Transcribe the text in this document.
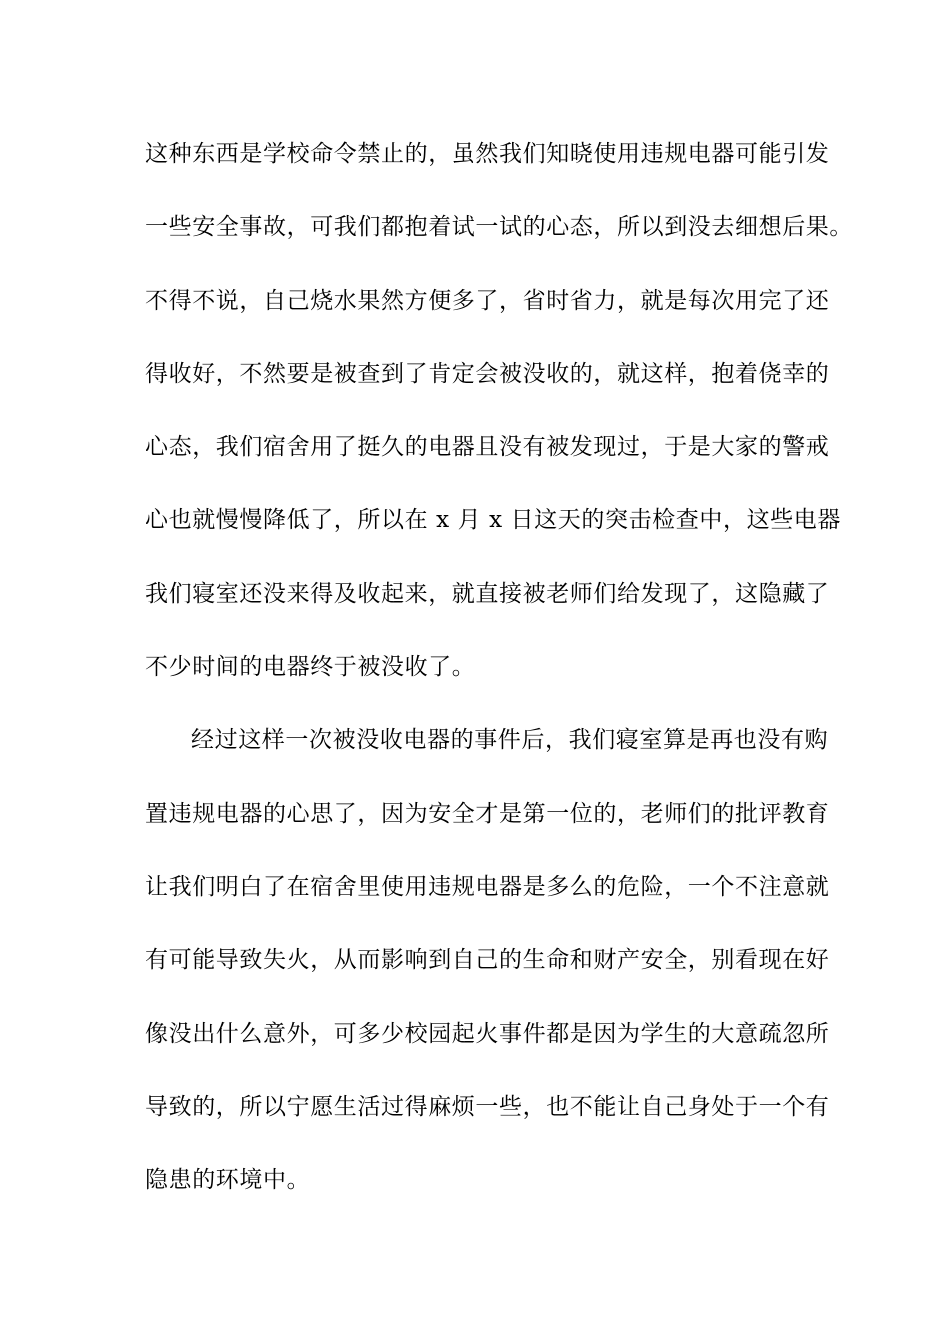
这种东西是学校命令禁止的，虽然我们知晓使用违规电器可能引发
一些安全事故，可我们都抱着试一试的心态，所以到没去细想后果。
不得不说，自己烧水果然方便多了，省时省力，就是每次用完了还
得收好，不然要是被查到了肯定会被没收的，就这样，抱着侥幸的
心态，我们宿舍用了挺久的电器且没有被发现过，于是大家的警戒
心也就慢慢降低了，所以在 x 月 x 日这天的突击检查中，这些电器
我们寝室还没来得及收起来，就直接被老师们给发现了，这隐藏了
不少时间的电器终于被没收了。
经过这样一次被没收电器的事件后，我们寝室算是再也没有购
置违规电器的心思了，因为安全才是第一位的，老师们的批评教育
让我们明白了在宿舍里使用违规电器是多么的危险，一个不注意就
有可能导致失火，从而影响到自己的生命和财产安全，别看现在好
像没出什么意外，可多少校园起火事件都是因为学生的大意疏忽所
导致的，所以宁愿生活过得麻烦一些，也不能让自己身处于一个有
隐患的环境中。
